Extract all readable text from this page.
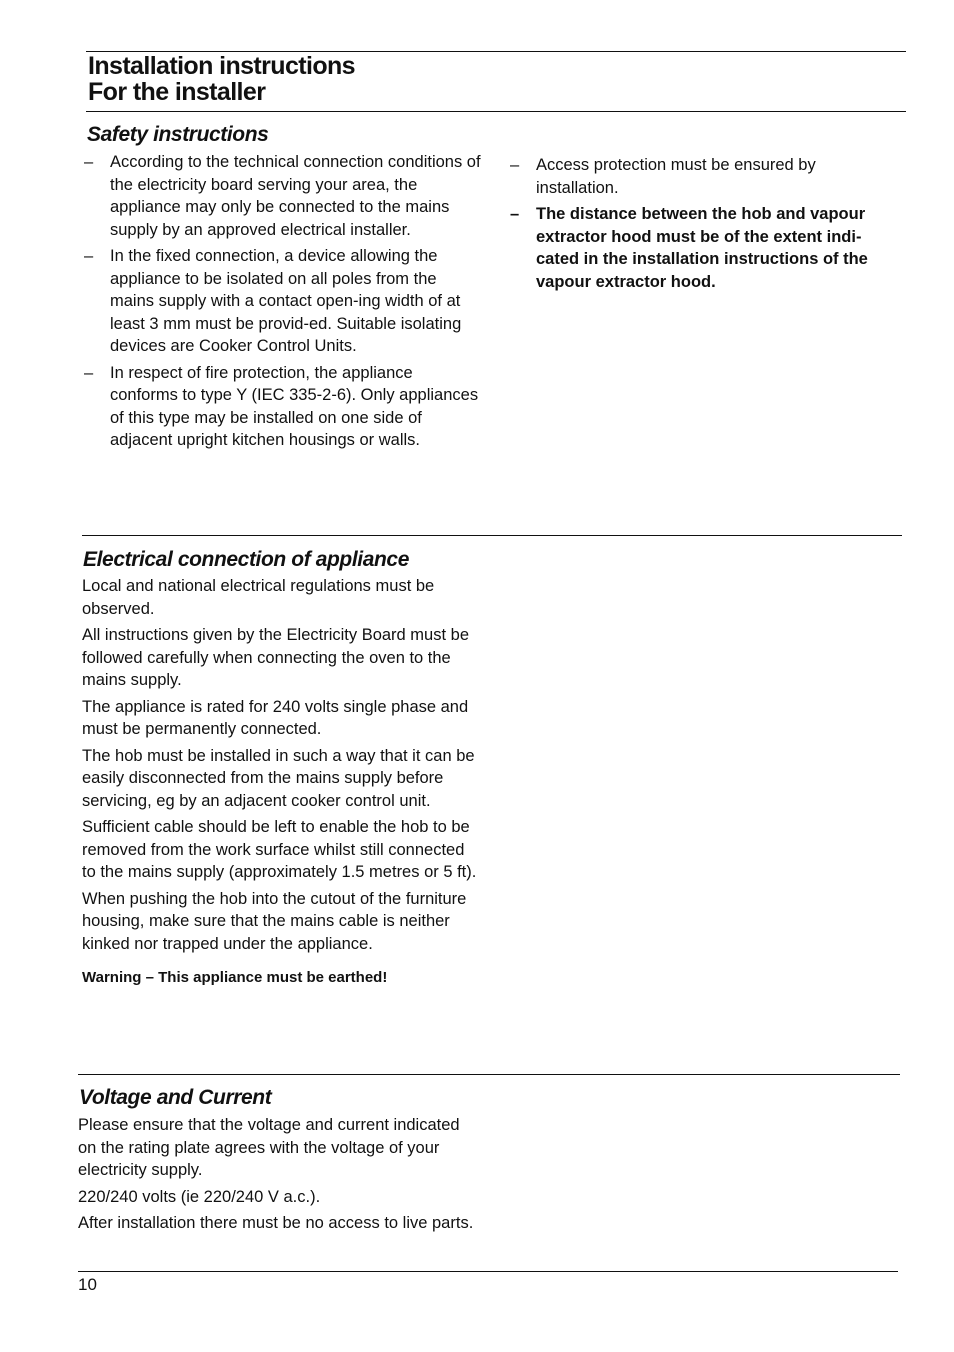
Installation instructions
For the installer
Safety instructions
–	According to the technical connection conditions of the electricity board serving your area, the appliance may only be connected to the mains supply by an approved electrical installer.
–	In the fixed connection, a device allowing the appliance to be isolated on all poles from the mains supply with a contact open-ing width of at least 3 mm must be provid-ed. Suitable isolating devices are Cooker Control Units.
–	In respect of fire protection, the appliance conforms to type Y (IEC 335-2-6). Only appliances of this type may be installed on one side of adjacent upright kitchen housings or walls.
–	Access protection must be ensured by installation.
–	The distance between the hob and vapour extractor hood must be of the extent indi-cated in the installation instructions of the vapour extractor hood.
Electrical connection of appliance

Local and national electrical regulations must be observed.

All instructions given by the Electricity Board must be followed carefully when connecting the oven to the mains supply.

The appliance is rated for 240 volts single phase and must be permanently connected.

The hob must be installed in such a way that it can be easily disconnected from the mains supply before servicing, eg by an adjacent cooker control unit.

Sufficient cable should be left to enable the hob to be removed from the work surface whilst still connected to the mains supply (approximately 1.5 metres or 5 ft).

When pushing the hob into the cutout of the furniture housing, make sure that the mains cable is neither kinked nor trapped under the appliance.

Warning – This appliance must be earthed!
Voltage and Current

Please ensure that the voltage and current indicated on the rating plate agrees with the voltage of your electricity supply.

220/240 volts (ie 220/240 V a.c.).

After installation there must be no access to live parts.

10
